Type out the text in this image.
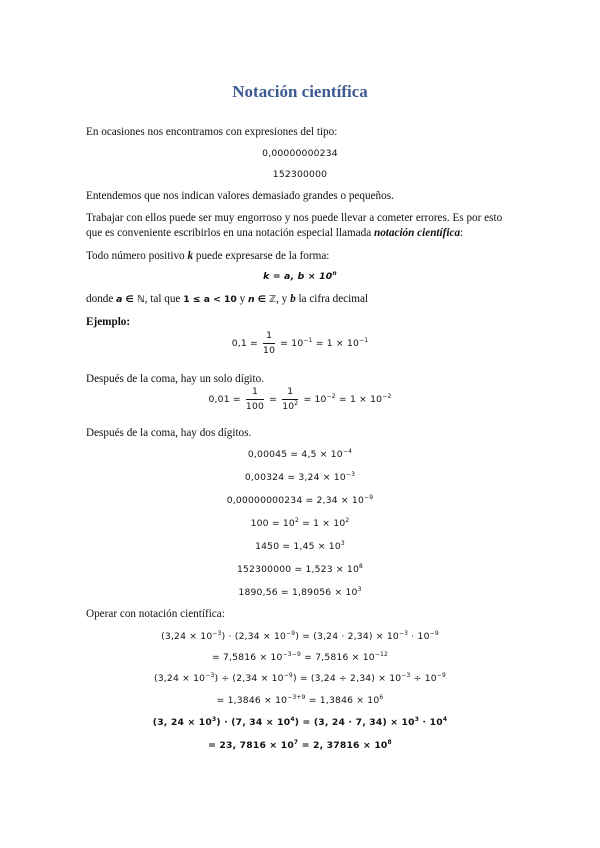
Notación científica
En ocasiones nos encontramos con expresiones del tipo:
0,00000000234
152300000
Entendemos que nos indican valores demasiado grandes o pequeños.
Trabajar con ellos puede ser muy engorroso y nos puede llevar a cometer errores. Es por esto
que es conveniente escribirlos en una notación especial llamada notación científica:
Todo número positivo k puede expresarse de la forma:
k = a, $b \times 10^n$
donde a ∈ ℕ, tal que 1 ≤ a < 10 y n ∈ ℤ, y b la cifra decimal
Ejemplo:
$0,1 = \frac{1}{10} = 10^{-1} = 1 \times 10^{-1}$
Después de la coma, hay un solo dígito.
$0,01 = \frac{1}{100} = \frac{1}{10^2} = 10^{-2} = 1 \times 10^{-2}$
Después de la coma, hay dos dígitos.
$0,00045 = 4,5 \times 10^{-4}$
$0,00324 = 3,24 \times 10^{-3}$
$0,00000000234 = 2,34 \times 10^{-9}$
$100 = 10^2 = 1 \times 10^2$
$1450 = 1,45 \times 10^3$
$152300000 = 1,523 \times 10^8$
$1890,56 = 1,89056 \times 10^3$
Operar con notación científica:
$(3,24 \times 10^{-3}) \cdot (2,34 \times 10^{-9}) = (3,24 \cdot 2,34) \times 10^{-3} \cdot 10^{-9}$
= $7,5816 \times 10^{-3-9} = 7,5816 \times 10^{-12}$
$(3,24 \times 10^{-3}) \div (2,34 \times 10^{-9}) = (3,24 \div 2,34) \times 10^{-3} \div 10^{-9}$
= $1,3846 \times 10^{-3+9} = 1,3846 \times 10^6$
(3, $24 \times 10^3) \cdot (7$, $34 \times 10^4) = (3$, 24 · 7, $34) \times 10^3 \cdot 10^4$
= 23, $7816 \times 10^7 = 2$, $37816 \times 10^8$
